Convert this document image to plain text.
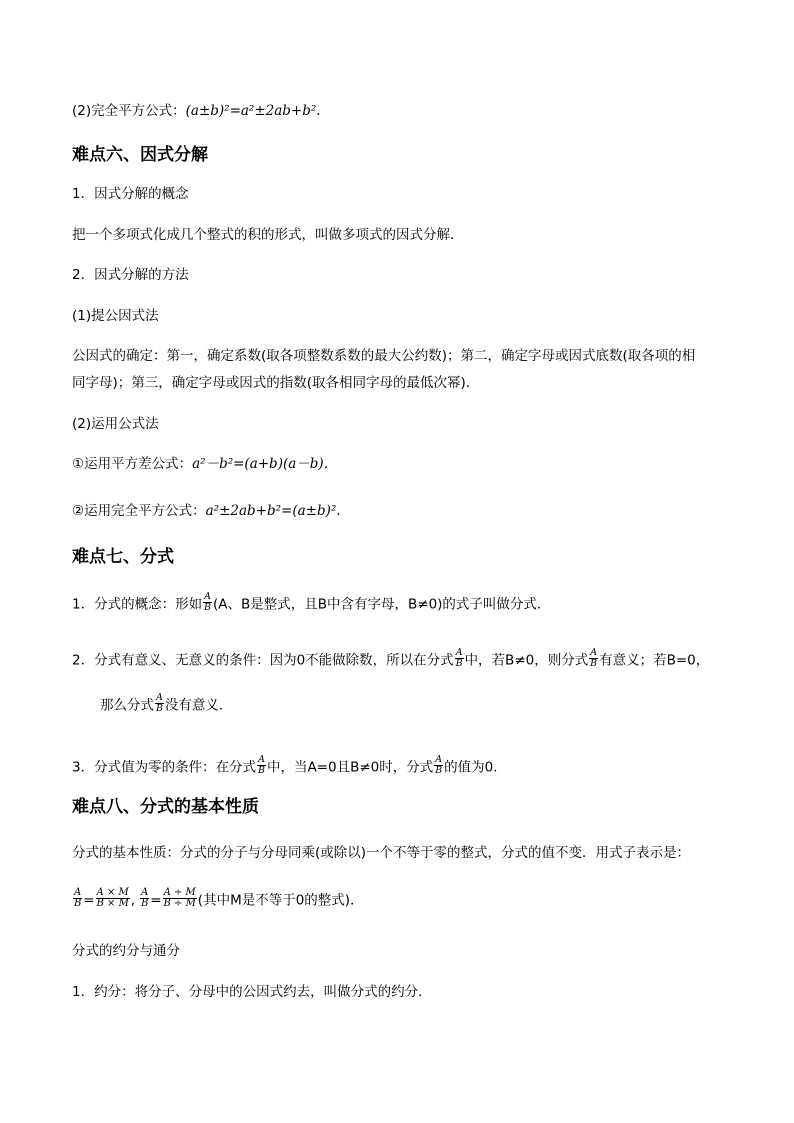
(2)完全平方公式：(a±b)²=a²±2ab+b².
难点六、因式分解
1．因式分解的概念
把一个多项式化成几个整式的积的形式，叫做多项式的因式分解．
2．因式分解的方法
(1)提公因式法
公因式的确定：第一，确定系数(取各项整数系数的最大公约数)；第二，确定字母或因式底数(取各项的相
同字母)；第三，确定字母或因式的指数(取各相同字母的最低次幂)．
(2)运用公式法
①运用平方差公式：a²－b²=(a+b)(a－b)．
②运用完全平方公式：a²±2ab+b²=(a±b)².
难点七、分式
1．分式的概念：形如 $\frac{A}{B} (A$、B是整式，且B中含有字母，B≠0)的式子叫做分式．
2．分式有意义、无意义的条件：因为0不能做除数，所以在分式 $\frac{A}{B}$ 中，若B≠0，则分式 $\frac{A}{B}$ 有意义；若B=0，
那么分式 $\frac{A}{B}$ 没有意义．
3．分式值为零的条件：在分式 $\frac{A}{B}$ 中，当A=0且B≠0时，分式 $\frac{A}{B}$ 的值为0.
难点八、分式的基本性质
分式的基本性质：分式的分子与分母同乘(或除以)一个不等于零的整式，分式的值不变．用式子表示是：
$\frac{A}{B} = \frac{A \times M}{B \times M}$ , $\frac{A}{B} = \frac{A \div M}{B \div M}$ (其中M是不等于0的整式)．
分式的约分与通分
1．约分：将分子、分母中的公因式约去，叫做分式的约分．
